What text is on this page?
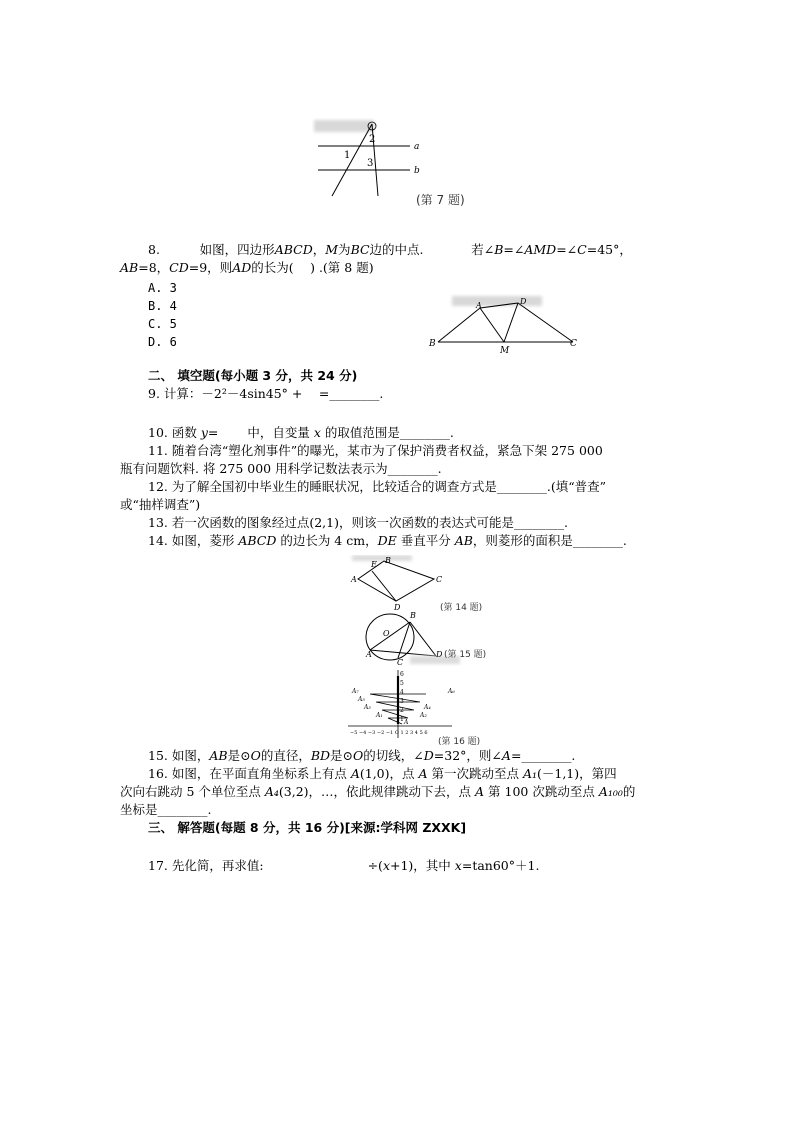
a
b
1
2
3
(第 7 题)
8.	如图，四边形ABCD，M为BC边的中点.	若∠B=∠AMD=∠C=45°，
AB=8，CD=9，则AD的长为(　 ) .(第 8 题)
A. 3
B. 4
C. 5
D. 6
A	D
B
M
C
二、 填空题(每小题 3 分，共 24 分)
9. 计算：－2²－4sin45° +　 =________.
10. 函数 y=　　 中，自变量 x 的取值范围是________.
11. 随着台湾“塑化剂事件”的曝光，某市为了保护消费者权益，紧急下架 275 000
瓶有问题饮料. 将 275 000 用科学记数法表示为________.
12. 为了解全国初中毕业生的睡眠状况，比较适合的调查方式是________.(填“普查”
或“抽样调查”)
13. 若一次函数的图象经过点(2,1)，则该一次函数的表达式可能是________.
14. 如图，菱形 ABCD 的边长为 4 cm，DE 垂直平分 AB，则菱形的面积是________.
A
B
C
D
E
(第 14 题)
O
A
B
C
D (第 15 题)
6
5
4
3
2
1
−5 −4 −3 −2 −1 O 1 2 3 4 5 6
A₇
A₅
A₃
A₁
A
A₂
A₄
A₆
(第 16 题)
15. 如图，AB是⊙O的直径，BD是⊙O的切线，∠D=32°，则∠A=________.
16. 如图，在平面直角坐标系上有点 A(1,0)，点 A 第一次跳动至点 A₁(－1,1)，第四
次向右跳动 5 个单位至点 A₄(3,2)，…，依此规律跳动下去，点 A 第 100 次跳动至点 A₁₀₀的
坐标是________.
三、 解答题(每题 8 分，共 16 分)[来源:学科网 ZXXK]
17. 先化简，再求值:	÷(x+1)，其中 x=tan60°＋1.
